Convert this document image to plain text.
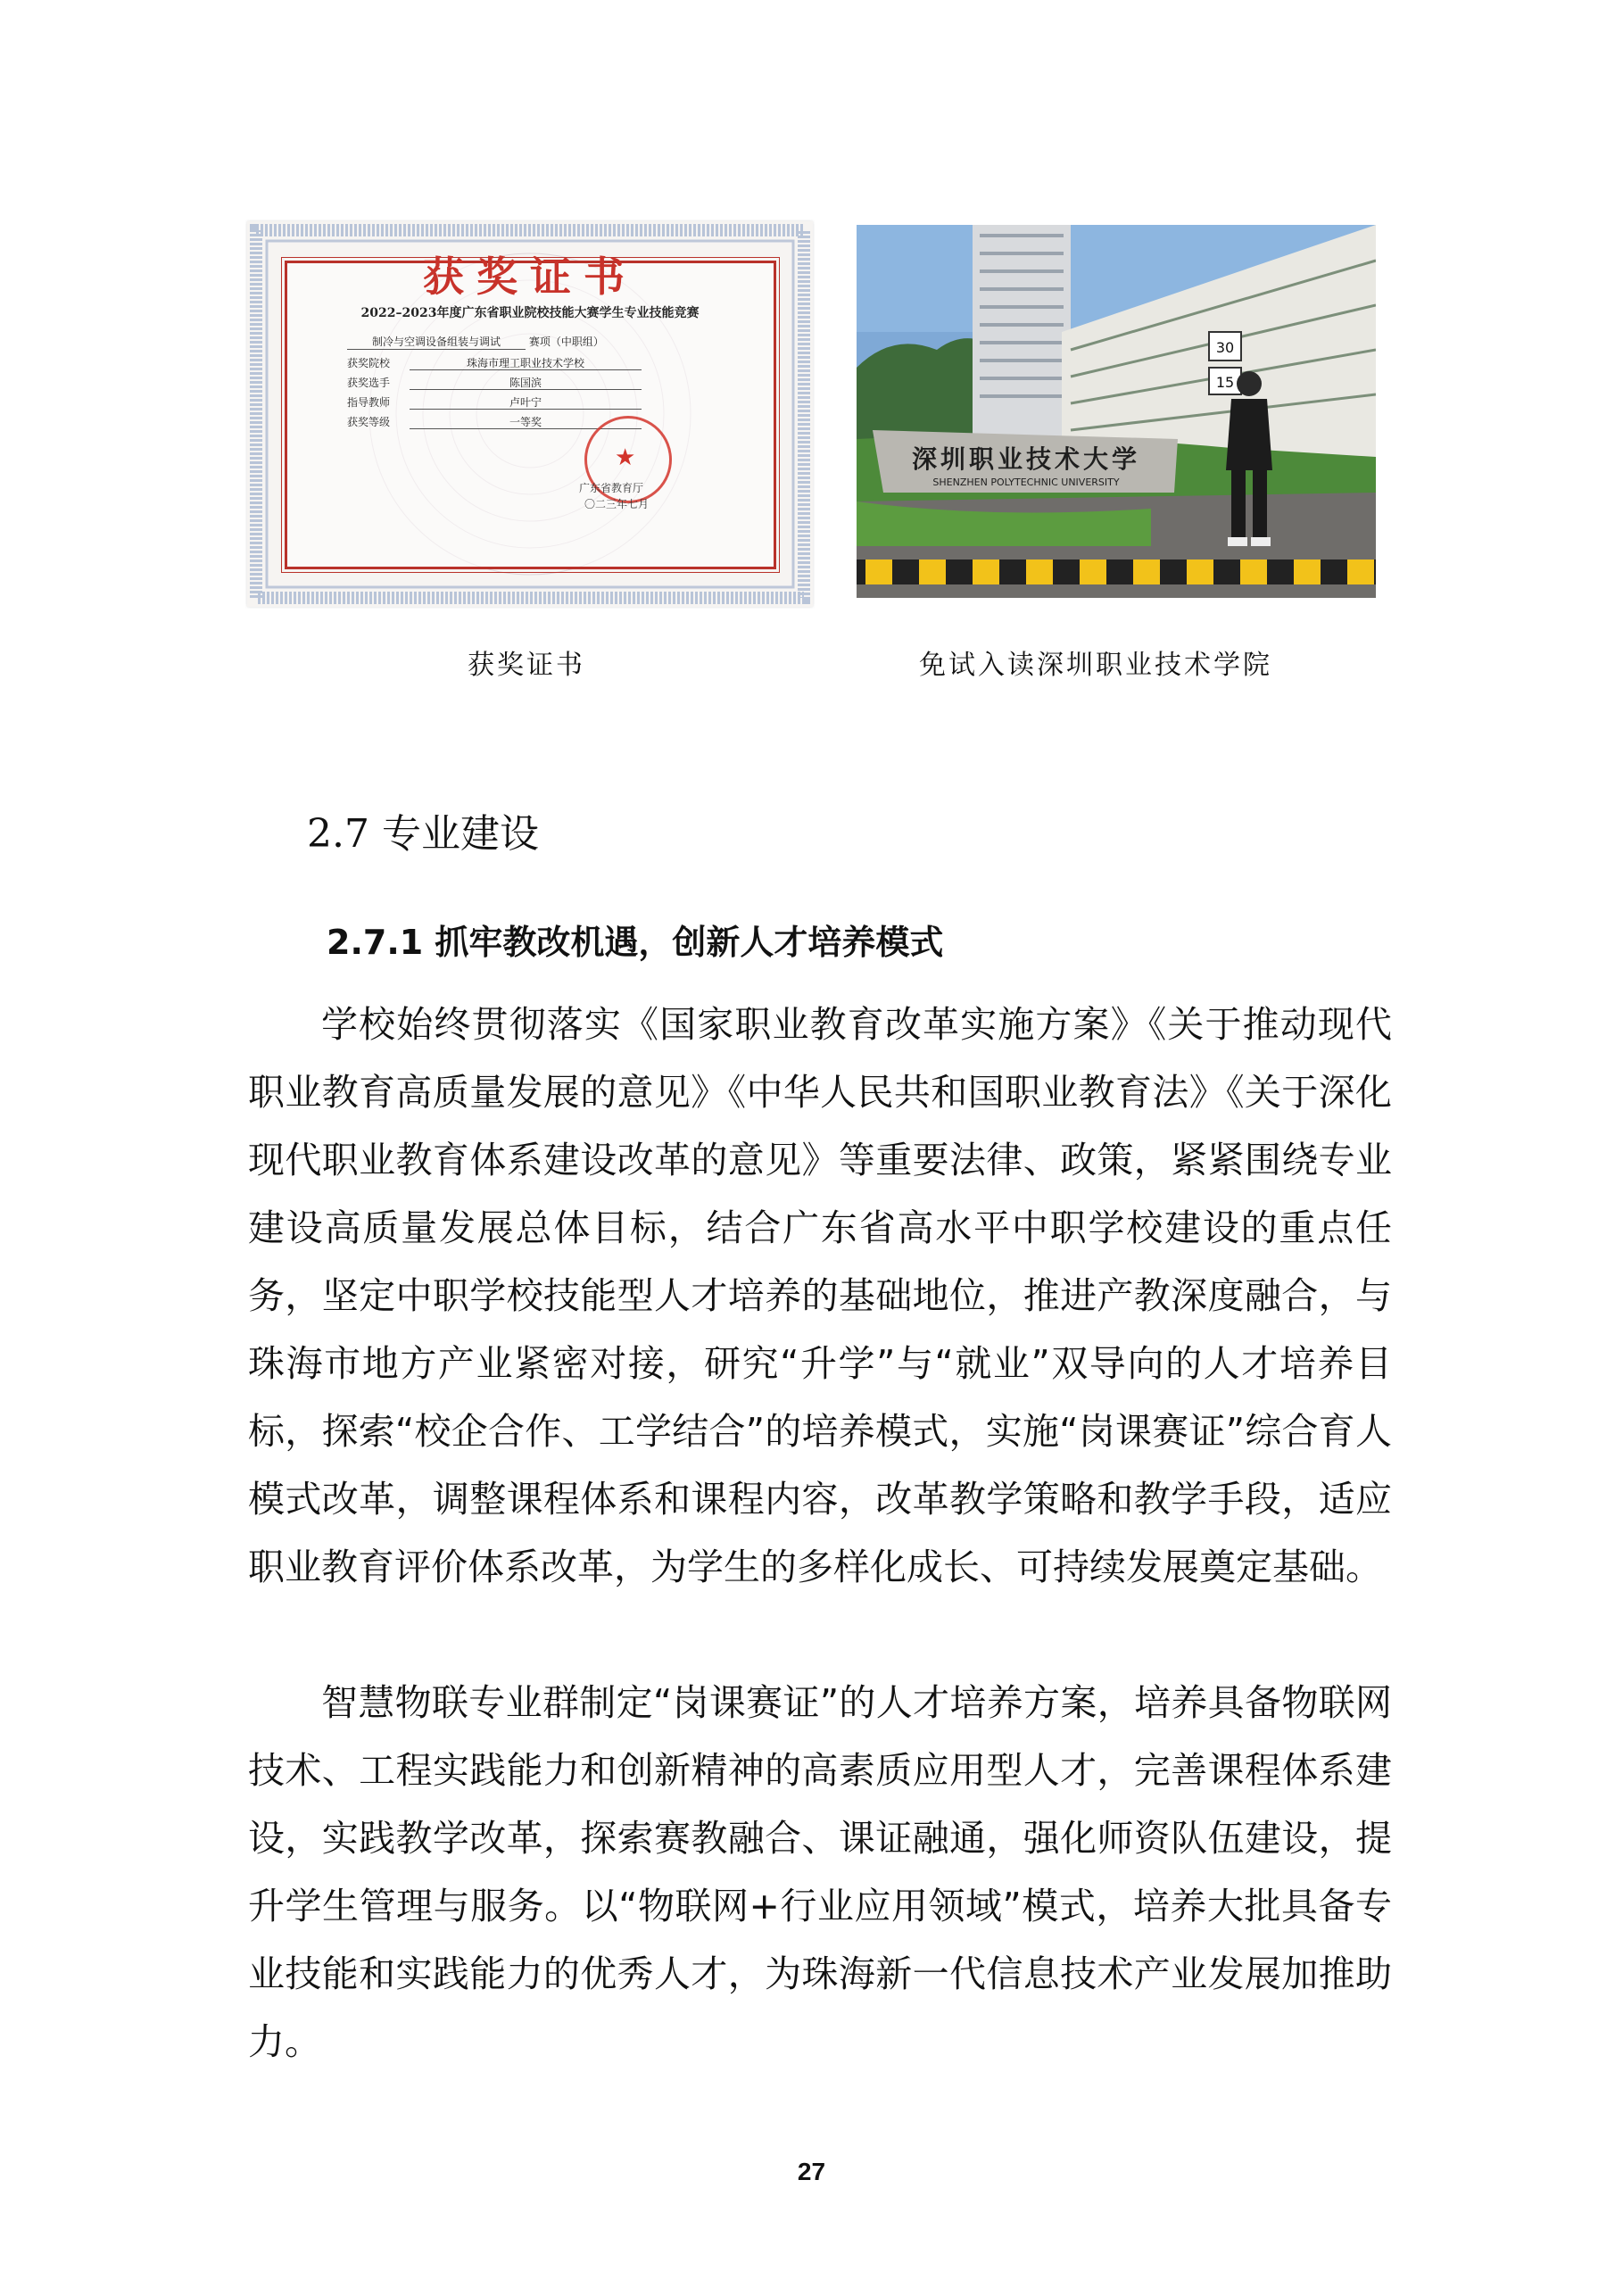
获奖证书
2022–2023年度广东省职业院校技能大赛学生专业技能竞赛
制冷与空调设备组装与调试	赛项（中职组）
获奖院校	珠海市理工职业技术学校
获奖选手	陈国滨
指导教师	卢叶宁
获奖等级	一等奖
★
广东省教育厅
〇二三年七月
深圳职业技术大学
SHENZHEN POLYTECHNIC UNIVERSITY
30
15
获奖证书	免试入读深圳职业技术学院
2.7 专业建设
2.7.1 抓牢教改机遇，创新人才培养模式

学校始终贯彻落实《国家职业教育改革实施方案》《关于推动现代职业教育高质量发展的意见》《中华人民共和国职业教育法》《关于深化现代职业教育体系建设改革的意见》等重要法律、政策，紧紧围绕专业建设高质量发展总体目标，结合广东省高水平中职学校建设的重点任务，坚定中职学校技能型人才培养的基础地位，推进产教深度融合，与珠海市地方产业紧密对接，研究“升学”与“就业”双导向的人才培养目标，探索“校企合作、工学结合”的培养模式，实施“岗课赛证”综合育人模式改革，调整课程体系和课程内容，改革教学策略和教学手段，适应职业教育评价体系改革，为学生的多样化成长、可持续发展奠定基础。

智慧物联专业群制定“岗课赛证”的人才培养方案，培养具备物联网技术、工程实践能力和创新精神的高素质应用型人才，完善课程体系建设，实践教学改革，探索赛教融合、课证融通，强化师资队伍建设，提升学生管理与服务。以“物联网+行业应用领域”模式，培养大批具备专业技能和实践能力的优秀人才，为珠海新一代信息技术产业发展加推助力。

27
